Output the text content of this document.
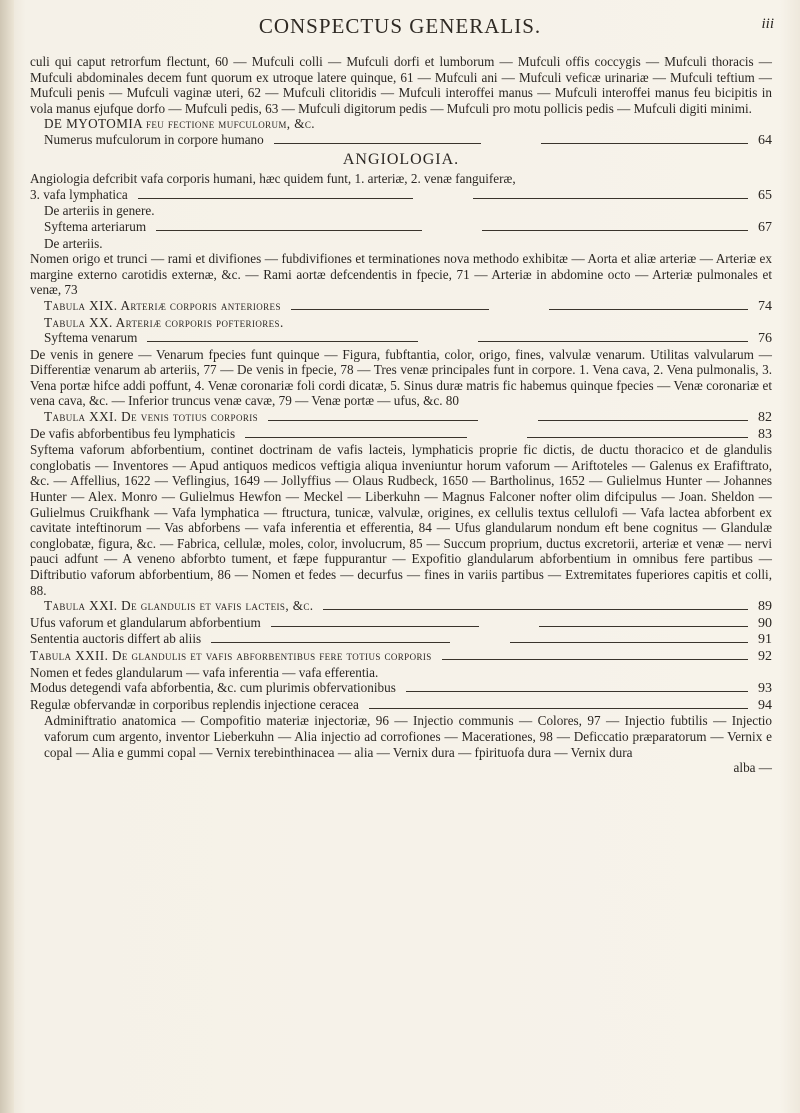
CONSPECTUS GENERALIS.	iii

culi qui caput retrorfum flectunt, 60 — Mufculi colli — Mufculi dorfi et lumborum — Mufculi offis coccygis — Mufculi thoracis — Mufculi abdominales decem funt quorum ex utroque latere quinque, 61 — Mufculi ani — Mufculi veficæ urinariæ — Mufculi teftium — Mufculi penis — Mufculi vaginæ uteri, 62 — Mufculi clitoridis — Mufculi interoffei manus — Mufculi interoffei manus feu bicipitis in vola manus ejufque dorfo — Mufculi pedis, 63 — Mufculi digitorum pedis — Mufculi pro motu pollicis pedis — Mufculi digiti minimi.

DE MYOTOMIA feu fectione mufculorum, &c.

Numerus mufculorum in corpore humano	64
ANGIOLOGIA.

Angiologia defcribit vafa corporis humani, hæc quidem funt, 1. arteriæ, 2. venæ fanguiferæ,

3. vafa lymphatica	65

De arteriis in genere.

Syftema arteriarum	67

De arteriis.

Nomen origo et trunci — rami et divifiones — fubdivifiones et terminationes nova methodo exhibitæ — Aorta et aliæ arteriæ — Arteriæ ex margine externo carotidis externæ, &c. — Rami aortæ defcendentis in fpecie, 71 — Arteriæ in abdomine octo — Arteriæ pulmonales et venæ, 73

Tabula XIX. Arteriæ corporis anteriores	74

Tabula XX. Arteriæ corporis pofteriores.

Syftema venarum	76

De venis in genere — Venarum fpecies funt quinque — Figura, fubftantia, color, origo, fines, valvulæ venarum. Utilitas valvularum — Differentiæ venarum ab arteriis, 77 — De venis in fpecie, 78 — Tres venæ principales funt in corpore. 1. Vena cava, 2. Vena pulmonalis, 3. Vena portæ hifce addi poffunt, 4. Venæ coronariæ foli cordi dicatæ, 5. Sinus duræ matris fic habemus quinque fpecies — Venæ coronariæ et vena cava, &c. — Inferior truncus venæ cavæ, 79 — Venæ portæ — ufus, &c. 80

Tabula XXI. De venis totius corporis	82
De vafis abforbentibus feu lymphaticis	83

Syftema vaforum abforbentium, continet doctrinam de vafis lacteis, lymphaticis proprie fic dictis, de ductu thoracico et de glandulis conglobatis — Inventores — Apud antiquos medicos veftigia aliqua inveniuntur horum vaforum — Ariftoteles — Galenus ex Erafiftrato, &c. — Affellius, 1622 — Veflingius, 1649 — Jollyffius — Olaus Rudbeck, 1650 — Bartholinus, 1652 — Gulielmus Hunter — Johannes Hunter — Alex. Monro — Gulielmus Hewfon — Meckel — Liberkuhn — Magnus Falconer nofter olim difcipulus — Joan. Sheldon — Gulielmus Cruikfhank — Vafa lymphatica — ftructura, tunicæ, valvulæ, origines, ex cellulis textus cellulofi — Vafa lactea abforbent ex cavitate inteftinorum — Vas abforbens — vafa inferentia et efferentia, 84 — Ufus glandularum nondum eft bene cognitus — Glandulæ conglobatæ, figura, &c. — Fabrica, cellulæ, moles, color, involucrum, 85 — Succum proprium, ductus excretorii, arteriæ et venæ — nervi pauci adfunt — A veneno abforbto tument, et fæpe fuppurantur — Expofitio glandularum abforbentium in omnibus fere partibus — Diftributio vaforum abforbentium, 86 — Nomen et fedes — decurfus — fines in variis partibus — Extremitates fuperiores capitis et colli, 88.

Tabula XXI. De glandulis et vafis lacteis, &c.	89
Ufus vaforum et glandularum abforbentium	90
Sententia auctoris differt ab aliis	91
Tabula XXII. De glandulis et vafis abforbentibus fere totius corporis	92

Nomen et fedes glandularum — vafa inferentia — vafa efferentia.

Modus detegendi vafa abforbentia, &c. cum plurimis obfervationibus	93
Regulæ obfervandæ in corporibus replendis injectione ceracea	94

Adminiftratio anatomica — Compofitio materiæ injectoriæ, 96 — Injectio communis — Colores, 97 — Injectio fubtilis — Injectio vaforum cum argento, inventor Lieberkuhn — Alia injectio ad corrofiones — Macerationes, 98 — Deficcatio præparatorum — Vernix e copal — Alia e gummi copal — Vernix terebinthinacea — alia — Vernix dura — fpirituofa dura — Vernix dura

alba —
